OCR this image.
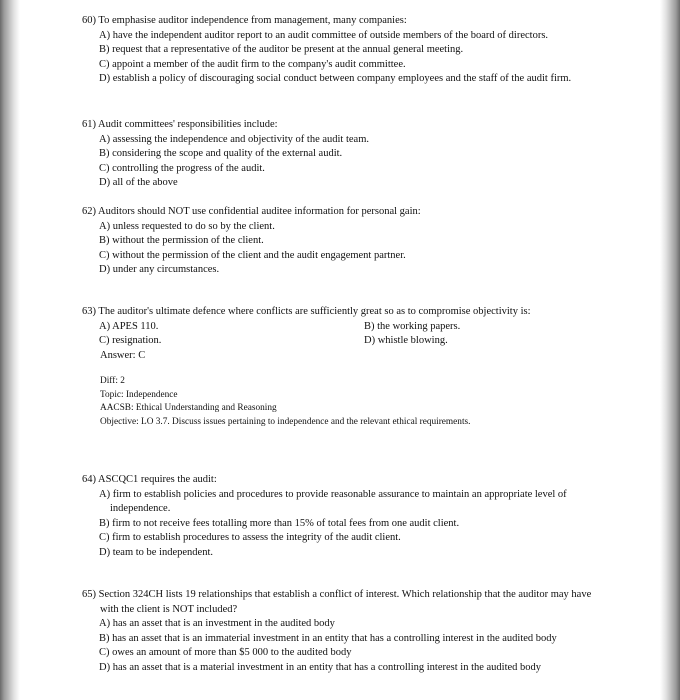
60) To emphasise auditor independence from management, many companies:

A) have the independent auditor report to an audit committee of outside members of the board of directors.

B) request that a representative of the auditor be present at the annual general meeting.

C) appoint a member of the audit firm to the company's audit committee.

D) establish a policy of discouraging social conduct between company employees and the staff of the audit firm.

61) Audit committees' responsibilities include:

A) assessing the independence and objectivity of the audit team.

B) considering the scope and quality of the external audit.

C) controlling the progress of the audit.

D) all of the above

62) Auditors should NOT use confidential auditee information for personal gain:

A) unless requested to do so by the client.

B) without the permission of the client.

C) without the permission of the client and the audit engagement partner.

D) under any circumstances.

63) The auditor's ultimate defence where conflicts are sufficiently great so as to compromise objectivity is:

A) APES 110.	B) the working papers.
C) resignation.	D) whistle blowing.

Answer: C

Diff: 2
Topic: Independence
AACSB: Ethical Understanding and Reasoning
Objective: LO 3.7. Discuss issues pertaining to independence and the relevant ethical requirements.

64) ASCQC1 requires the audit:

A) firm to establish policies and procedures to provide reasonable assurance to maintain an appropriate level of independence.

B) firm to not receive fees totalling more than 15% of total fees from one audit client.

C) firm to establish procedures to assess the integrity of the audit client.

D) team to be independent.

65) Section 324CH lists 19 relationships that establish a conflict of interest. Which relationship that the auditor may have with the client is NOT included?

A) has an asset that is an investment in the audited body

B) has an asset that is an immaterial investment in an entity that has a controlling interest in the audited body

C) owes an amount of more than $5 000 to the audited body

D) has an asset that is a material investment in an entity that has a controlling interest in the audited body
